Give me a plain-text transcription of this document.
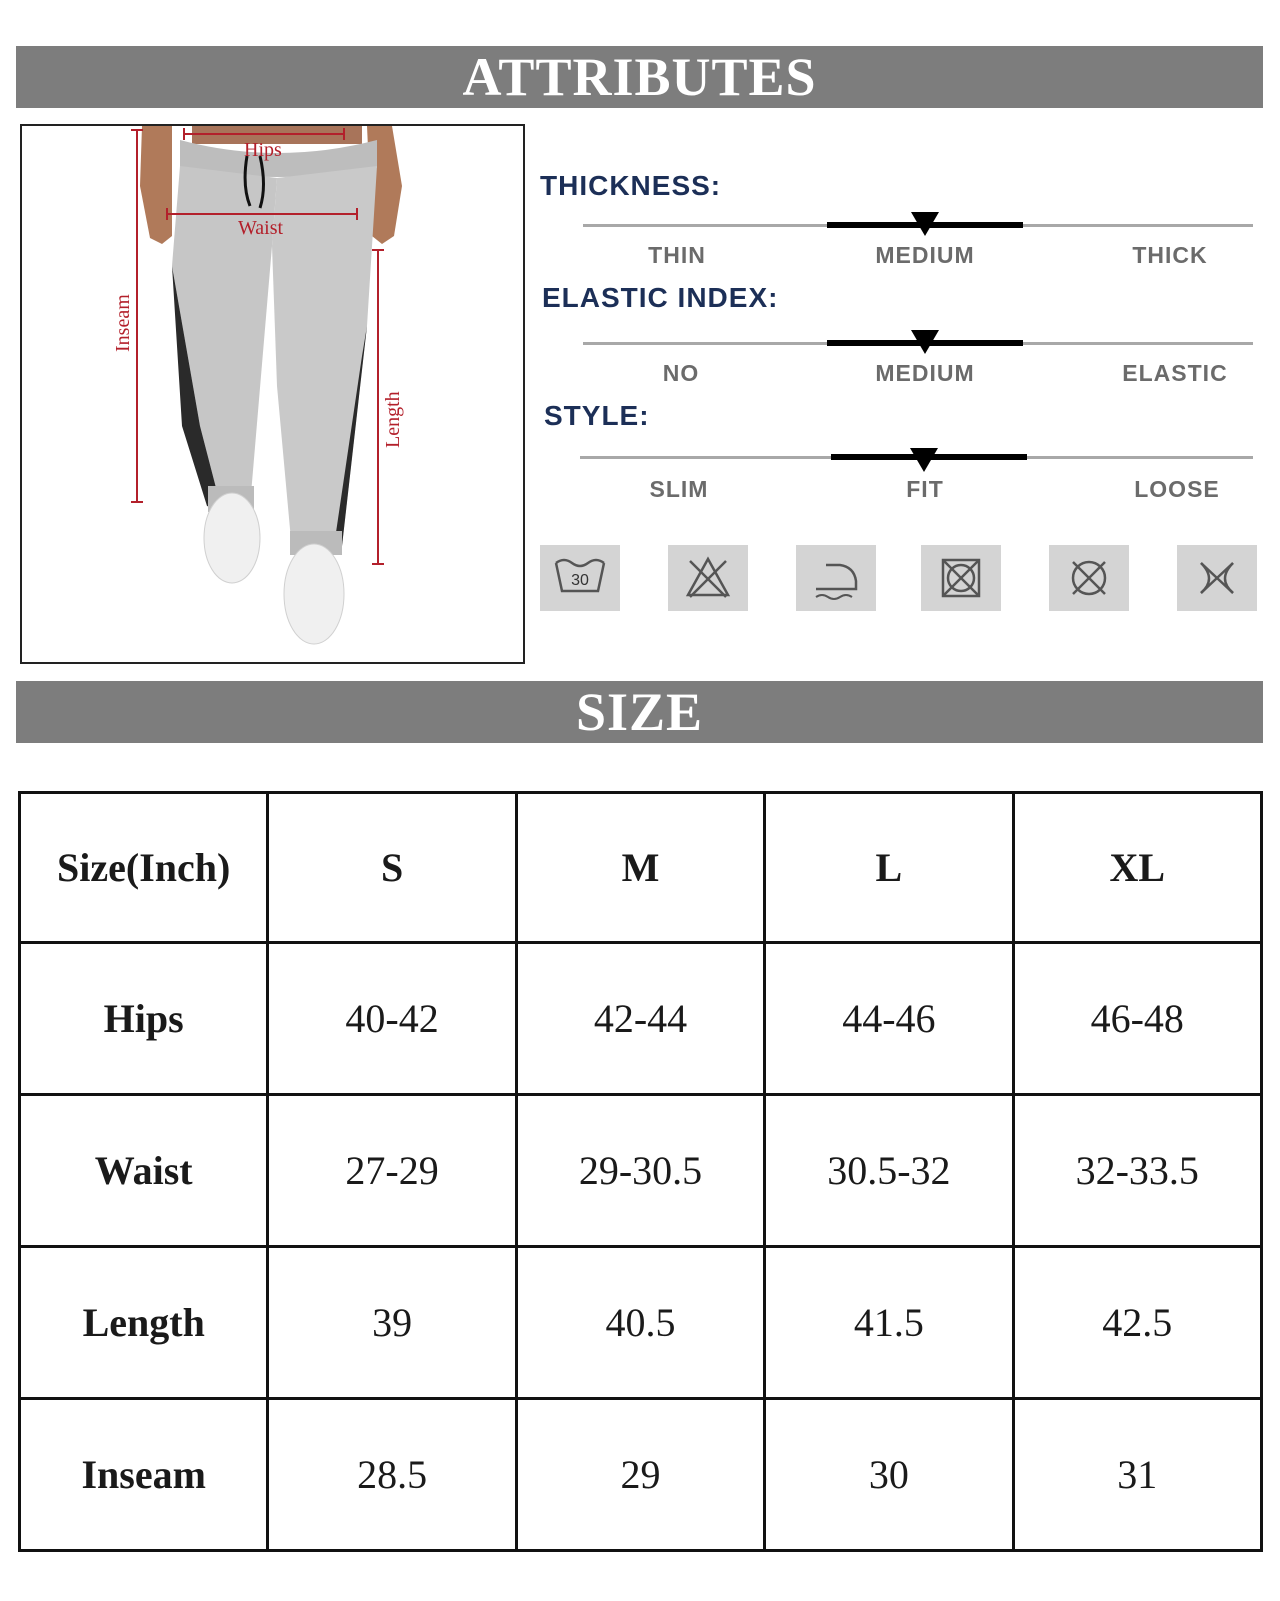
ATTRIBUTES
Hips
Waist
Inseam
Length
THICKNESS:
THIN	MEDIUM	THICK
ELASTIC INDEX:
NO	MEDIUM	ELASTIC
STYLE:
SLIM	FIT	LOOSE
30
SIZE
Size(Inch)	S	M	L	XL
Hips	40-42	42-44	44-46	46-48
Waist	27-29	29-30.5	30.5-32	32-33.5
Length	39	40.5	41.5	42.5
Inseam	28.5	29	30	31
